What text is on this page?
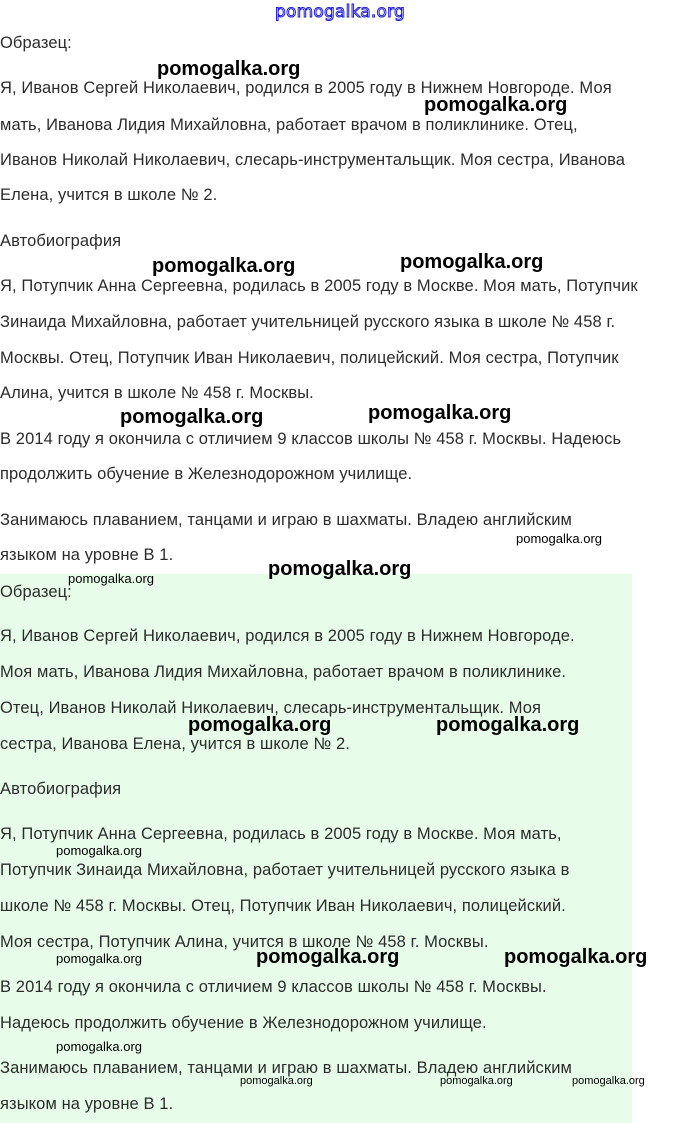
pomogalka.org
Образец:
Я, Иванов Сергей Николаевич, родился в 2005 году в Нижнем Новгороде. Моя
мать, Иванова Лидия Михайловна, работает врачом в поликлинике. Отец,
Иванов Николай Николаевич, слесарь-инструментальщик. Моя сестра, Иванова
Елена, учится в школе № 2.
Автобиография
Я, Потупчик Анна Сергеевна, родилась в 2005 году в Москве. Моя мать, Потупчик
Зинаида Михайловна, работает учительницей русского языка в школе № 458 г.
Москвы. Отец, Потупчик Иван Николаевич, полицейский. Моя сестра, Потупчик
Алина, учится в школе № 458 г. Москвы.
В 2014 году я окончила с отличием 9 классов школы № 458 г. Москвы. Надеюсь
продолжить обучение в Железнодорожном училище.
Занимаюсь плаванием, танцами и играю в шахматы. Владею английским
языком на уровне В 1.
Образец:
Я, Иванов Сергей Николаевич, родился в 2005 году в Нижнем Новгороде.
Моя мать, Иванова Лидия Михайловна, работает врачом в поликлинике.
Отец, Иванов Николай Николаевич, слесарь-инструментальщик. Моя
сестра, Иванова Елена, учится в школе № 2.
Автобиография
Я, Потупчик Анна Сергеевна, родилась в 2005 году в Москве. Моя мать,
Потупчик Зинаида Михайловна, работает учительницей русского языка в
школе № 458 г. Москвы. Отец, Потупчик Иван Николаевич, полицейский.
Моя сестра, Потупчик Алина, учится в школе № 458 г. Москвы.
В 2014 году я окончила с отличием 9 классов школы № 458 г. Москвы.
Надеюсь продолжить обучение в Железнодорожном училище.
Занимаюсь плаванием, танцами и играю в шахматы. Владею английским
языком на уровне В 1.
pomogalka.org
pomogalka.org
pomogalka.org	pomogalka.org
pomogalka.org	pomogalka.org
pomogalka.org
pomogalka.org
pomogalka.org
pomogalka.org	pomogalka.org
pomogalka.org
pomogalka.org	pomogalka.org
pomogalka.org
pomogalka.org
pomogalka.org	pomogalka.org	pomogalka.org
